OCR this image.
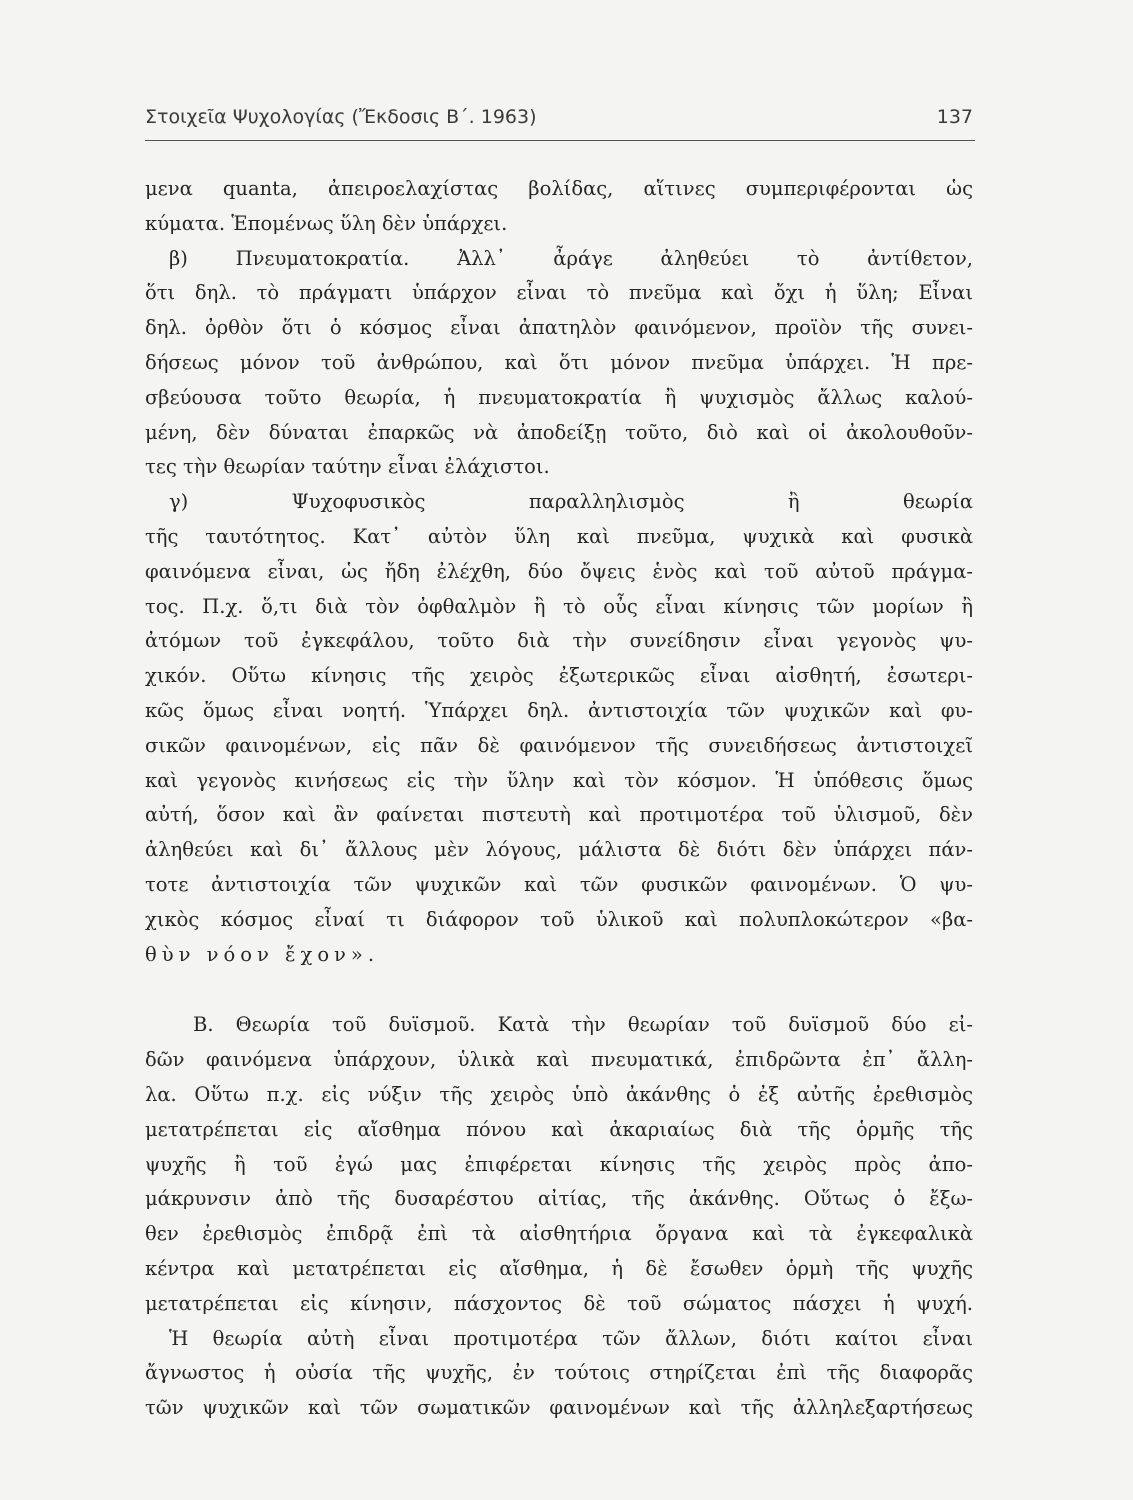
Στοιχεῖα Ψυχολογίας (Ἔκδοσις Β΄. 1963)	137
μενα quanta, ἀπειροελαχίστας βολίδας, αἵτινες συμπεριφέρονται ὡς
κύματα. Ἑπομένως ὕλη δὲν ὑπάρχει.
β) Πνευματοκρατία. Ἀλλ᾿ ἆράγε ἀληθεύει τὸ ἀντίθετον,
ὅτι δηλ. τὸ πράγματι ὑπάρχον εἶναι τὸ πνεῦμα καὶ ὄχι ἡ ὕλη; Εἶναι
δηλ. ὀρθὸν ὅτι ὁ κόσμος εἶναι ἀπατηλὸν φαινόμενον, προϊὸν τῆς συνει-
δήσεως μόνον τοῦ ἀνθρώπου, καὶ ὅτι μόνον πνεῦμα ὑπάρχει. Ἡ πρε-
σβεύουσα τοῦτο θεωρία, ἡ πνευματοκρατία ἢ ψυχισμὸς ἄλλως καλού-
μένη, δὲν δύναται ἐπαρκῶς νὰ ἀποδείξῃ τοῦτο, διὸ καὶ οἱ ἀκολουθοῦν-
τες τὴν θεωρίαν ταύτην εἶναι ἐλάχιστοι.
γ) Ψυχοφυσικὸς παραλληλισμὸς ἢ θεωρία
τῆς ταυτότητος. Κατ᾿ αὐτὸν ὕλη καὶ πνεῦμα, ψυχικὰ καὶ φυσικὰ
φαινόμενα εἶναι, ὡς ἤδη ἐλέχθη, δύο ὄψεις ἑνὸς καὶ τοῦ αὐτοῦ πράγμα-
τος. Π.χ. ὅ,τι διὰ τὸν ὀφθαλμὸν ἢ τὸ οὖς εἶναι κίνησις τῶν μορίων ἢ
ἀτόμων τοῦ ἐγκεφάλου, τοῦτο διὰ τὴν συνείδησιν εἶναι γεγονὸς ψυ-
χικόν. Οὕτω κίνησις τῆς χειρὸς ἐξωτερικῶς εἶναι αἰσθητή, ἐσωτερι-
κῶς ὅμως εἶναι νοητή. Ὑπάρχει δηλ. ἀντιστοιχία τῶν ψυχικῶν καὶ φυ-
σικῶν φαινομένων, εἰς πᾶν δὲ φαινόμενον τῆς συνειδήσεως ἀντιστοιχεῖ
καὶ γεγονὸς κινήσεως εἰς τὴν ὕλην καὶ τὸν κόσμον. Ἡ ὑπόθεσις ὅμως
αὐτή, ὅσον καὶ ἂν φαίνεται πιστευτὴ καὶ προτιμοτέρα τοῦ ὑλισμοῦ, δὲν
ἀληθεύει καὶ δι᾿ ἄλλους μὲν λόγους, μάλιστα δὲ διότι δὲν ὑπάρχει πάν-
τοτε ἀντιστοιχία τῶν ψυχικῶν καὶ τῶν φυσικῶν φαινομένων. Ὁ ψυ-
χικὸς κόσμος εἶναί τι διάφορον τοῦ ὑλικοῦ καὶ πολυπλοκώτερον «βα-
θὺν νόον ἔχον».
Β. Θεωρία τοῦ δυϊσμοῦ. Κατὰ τὴν θεωρίαν τοῦ δυϊσμοῦ δύο εἰ-
δῶν φαινόμενα ὑπάρχουν, ὑλικὰ καὶ πνευματικά, ἐπιδρῶντα ἐπ᾿ ἄλλη-
λα. Οὕτω π.χ. εἰς νύξιν τῆς χειρὸς ὑπὸ ἀκάνθης ὁ ἐξ αὐτῆς ἐρεθισμὸς
μετατρέπεται εἰς αἴσθημα πόνου καὶ ἀκαριαίως διὰ τῆς ὁρμῆς τῆς
ψυχῆς ἢ τοῦ ἐγώ μας ἐπιφέρεται κίνησις τῆς χειρὸς πρὸς ἀπο-
μάκρυνσιν ἀπὸ τῆς δυσαρέστου αἰτίας, τῆς ἀκάνθης. Οὕτως ὁ ἔξω-
θεν ἐρεθισμὸς ἐπιδρᾷ ἐπὶ τὰ αἰσθητήρια ὄργανα καὶ τὰ ἐγκεφαλικὰ
κέντρα καὶ μετατρέπεται εἰς αἴσθημα, ἡ δὲ ἔσωθεν ὁρμὴ τῆς ψυχῆς
μετατρέπεται εἰς κίνησιν, πάσχοντος δὲ τοῦ σώματος πάσχει ἡ ψυχή.
Ἡ θεωρία αὐτὴ εἶναι προτιμοτέρα τῶν ἄλλων, διότι καίτοι εἶναι
ἄγνωστος ἡ οὐσία τῆς ψυχῆς, ἐν τούτοις στηρίζεται ἐπὶ τῆς διαφορᾶς
τῶν ψυχικῶν καὶ τῶν σωματικῶν φαινομένων καὶ τῆς ἀλληλεξαρτήσεως
